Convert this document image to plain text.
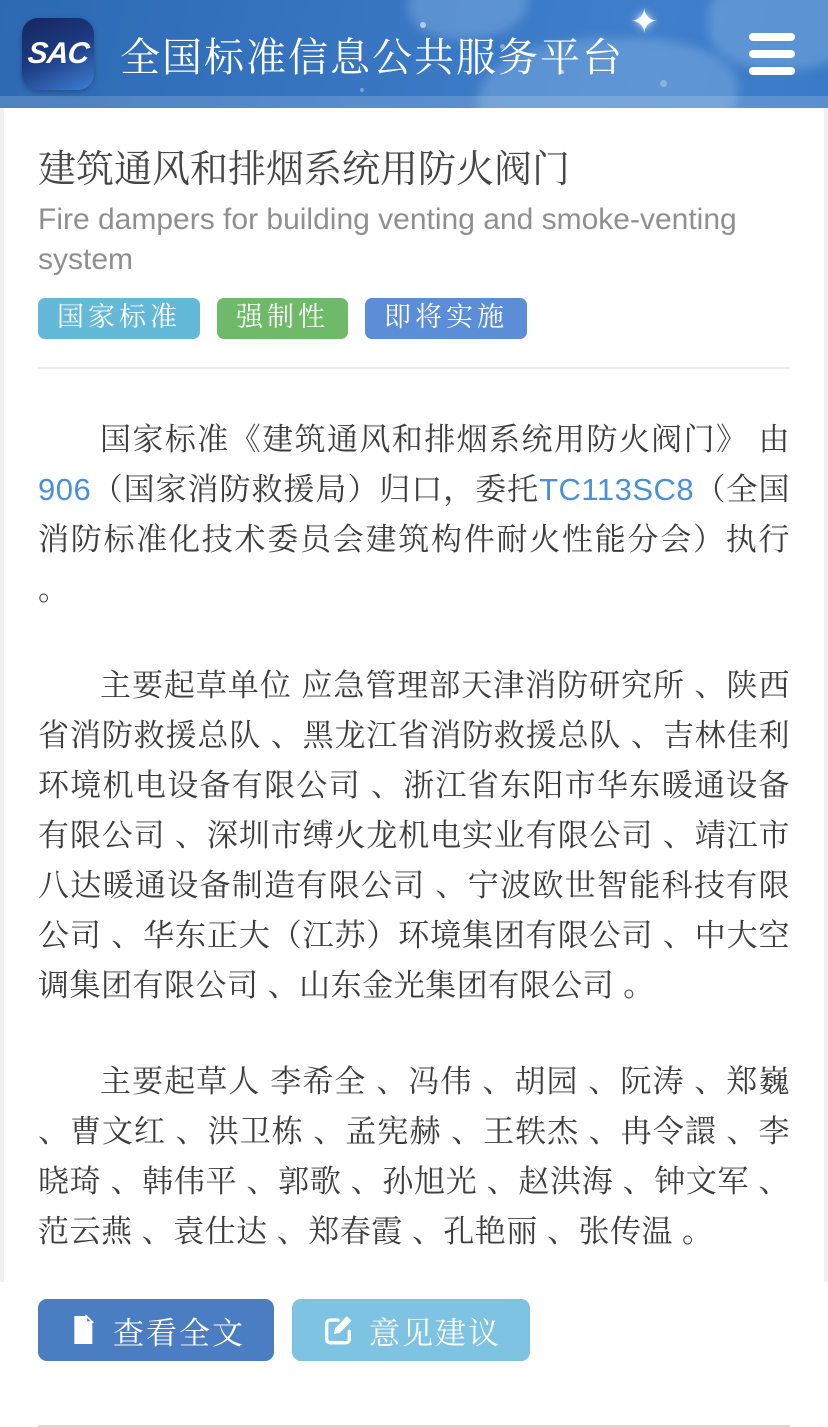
✦
SAC 全国标准信息公共服务平台
建筑通风和排烟系统用防火阀门
Fire dampers for building venting and smoke-venting system
国家标准	强制性	即将实施

国家标准《建筑通风和排烟系统用防火阀门》 由906（国家消防救援局）归口，委托TC113SC8（全国消防标准化技术委员会建筑构件耐火性能分会）执行 。

主要起草单位 应急管理部天津消防研究所 、陕西省消防救援总队 、黑龙江省消防救援总队 、吉林佳利环境机电设备有限公司 、浙江省东阳市华东暖通设备有限公司 、深圳市缚火龙机电实业有限公司 、靖江市八达暖通设备制造有限公司 、宁波欧世智能科技有限公司 、华东正大（江苏）环境集团有限公司 、中大空调集团有限公司 、山东金光集团有限公司 。

主要起草人 李希全 、冯伟 、胡园 、阮涛 、郑巍 、曹文红 、洪卫栋 、孟宪赫 、王轶杰 、冉令譞 、李晓琦 、韩伟平 、郭歌 、孙旭光 、赵洪海 、钟文军 、范云燕 、袁仕达 、郑春霞 、孔艳丽 、张传温 。

查看全文	意见建议
